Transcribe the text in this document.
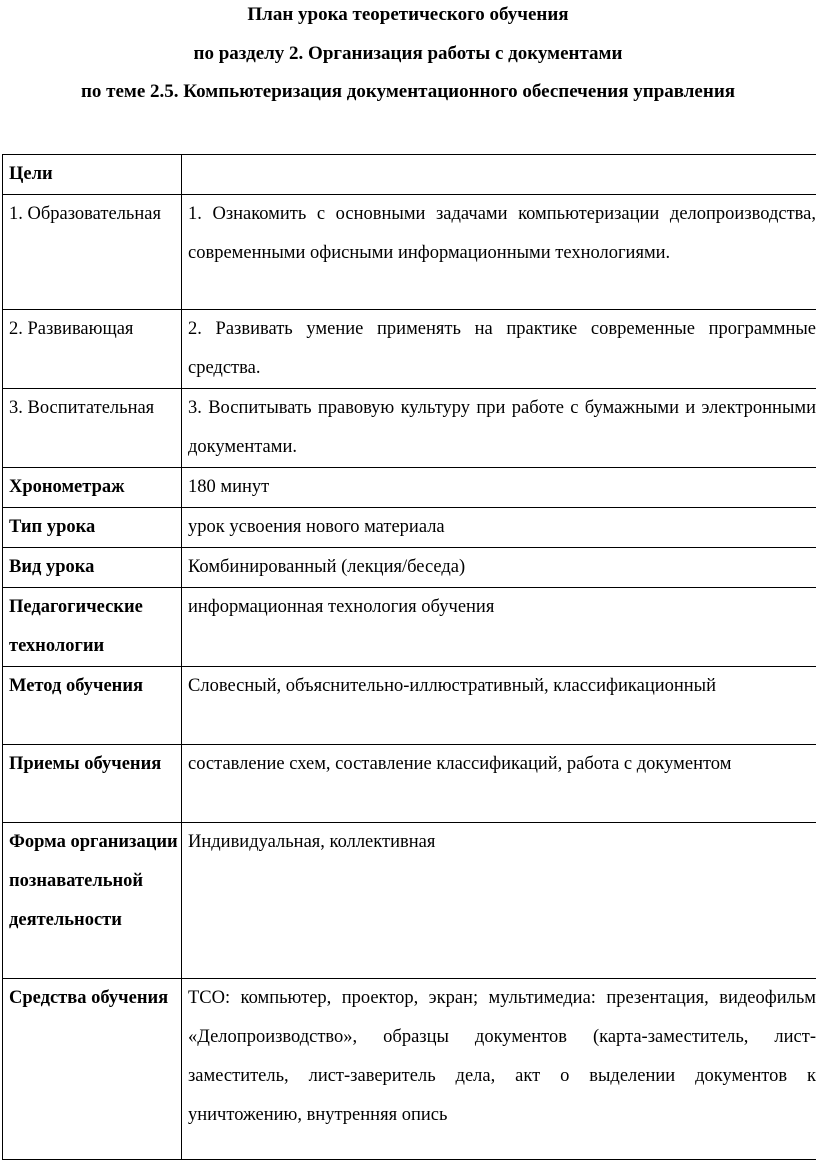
План урока теоретического обучения

по разделу 2. Организация работы с документами

по теме 2.5. Компьютеризация документационного обеспечения управления

Цели	
1. Образовательная	1. Ознакомить с основными задачами компьютеризации делопроизводства, современными офисными информационными технологиями.
2. Развивающая	2. Развивать умение применять на практике современные программные средства.
3. Воспитательная	3. Воспитывать правовую культуру при работе с бумажными и электронными документами.
Хронометраж	180 минут
Тип урока	урок усвоения нового материала
Вид урока	Комбинированный (лекция/беседа)
Педагогические технологии	информационная технология обучения
Метод обучения	Словесный, объяснительно-иллюстративный, классификационный
Приемы обучения	составление схем, составление классификаций, работа с документом
Форма организации познавательной деятельности	Индивидуальная, коллективная
Средства обучения	ТСО: компьютер, проектор, экран; мультимедиа: презентация, видеофильм «Делопроизводство», образцы документов (карта-заместитель, лист-заместитель, лист-заверитель дела, акт о выделении документов к уничтожению, внутренняя опись
